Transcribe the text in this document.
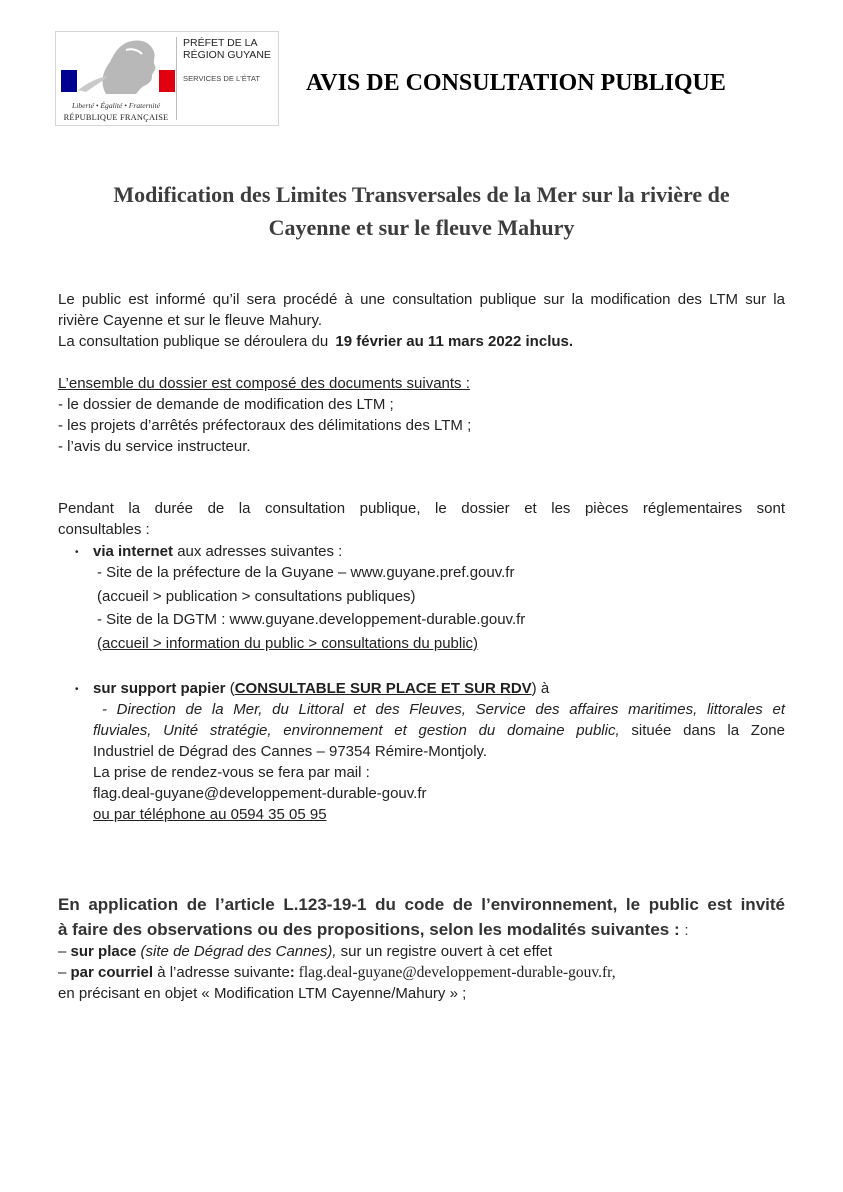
Liberté • Égalité • Fraternité
RÉPUBLIQUE FRANÇAISE
PRÉFET DE LA
RÉGION GUYANE
SERVICES DE L'ÉTAT AVIS DE CONSULTATION PUBLIQUE
Modification des Limites Transversales de la Mer sur la rivière de
Cayenne et sur le fleuve Mahury
Le public est informé qu’il sera procédé à une consultation publique sur la modification des LTM sur la
rivière Cayenne et sur le fleuve Mahury.
La consultation publique se déroulera du 19 février au 11 mars 2022 inclus.
L’ensemble du dossier est composé des documents suivants :
- le dossier de demande de modification des LTM ;
- les projets d’arrêtés préfectoraux des délimitations des LTM ;
- l’avis du service instructeur.
Pendant la durée de la consultation publique, le dossier et les pièces réglementaires sont
consultables :
• via internet aux adresses suivantes :
- Site de la préfecture de la Guyane – www.guyane.pref.gouv.fr
(accueil > publication > consultations publiques)
- Site de la DGTM : www.guyane.developpement-durable.gouv.fr
(accueil > information du public > consultations du public)
• sur support papier (CONSULTABLE SUR PLACE ET SUR RDV) à
- Direction de la Mer, du Littoral et des Fleuves, Service des affaires maritimes, littorales et
fluviales, Unité stratégie, environnement et gestion du domaine public, située dans la Zone
Industriel de Dégrad des Cannes – 97354 Rémire-Montjoly.
La prise de rendez-vous se fera par mail :
flag.deal-guyane@developpement-durable-gouv.fr
ou par téléphone au 0594 35 05 95
En application de l’article L.123-19-1 du code de l’environnement, le public est invité
à faire des observations ou des propositions, selon les modalités suivantes : :
– sur place (site de Dégrad des Cannes), sur un registre ouvert à cet effet
– par courriel à l’adresse suivante: flag.deal-guyane@developpement-durable-gouv.fr,
en précisant en objet « Modification LTM Cayenne/Mahury » ;
